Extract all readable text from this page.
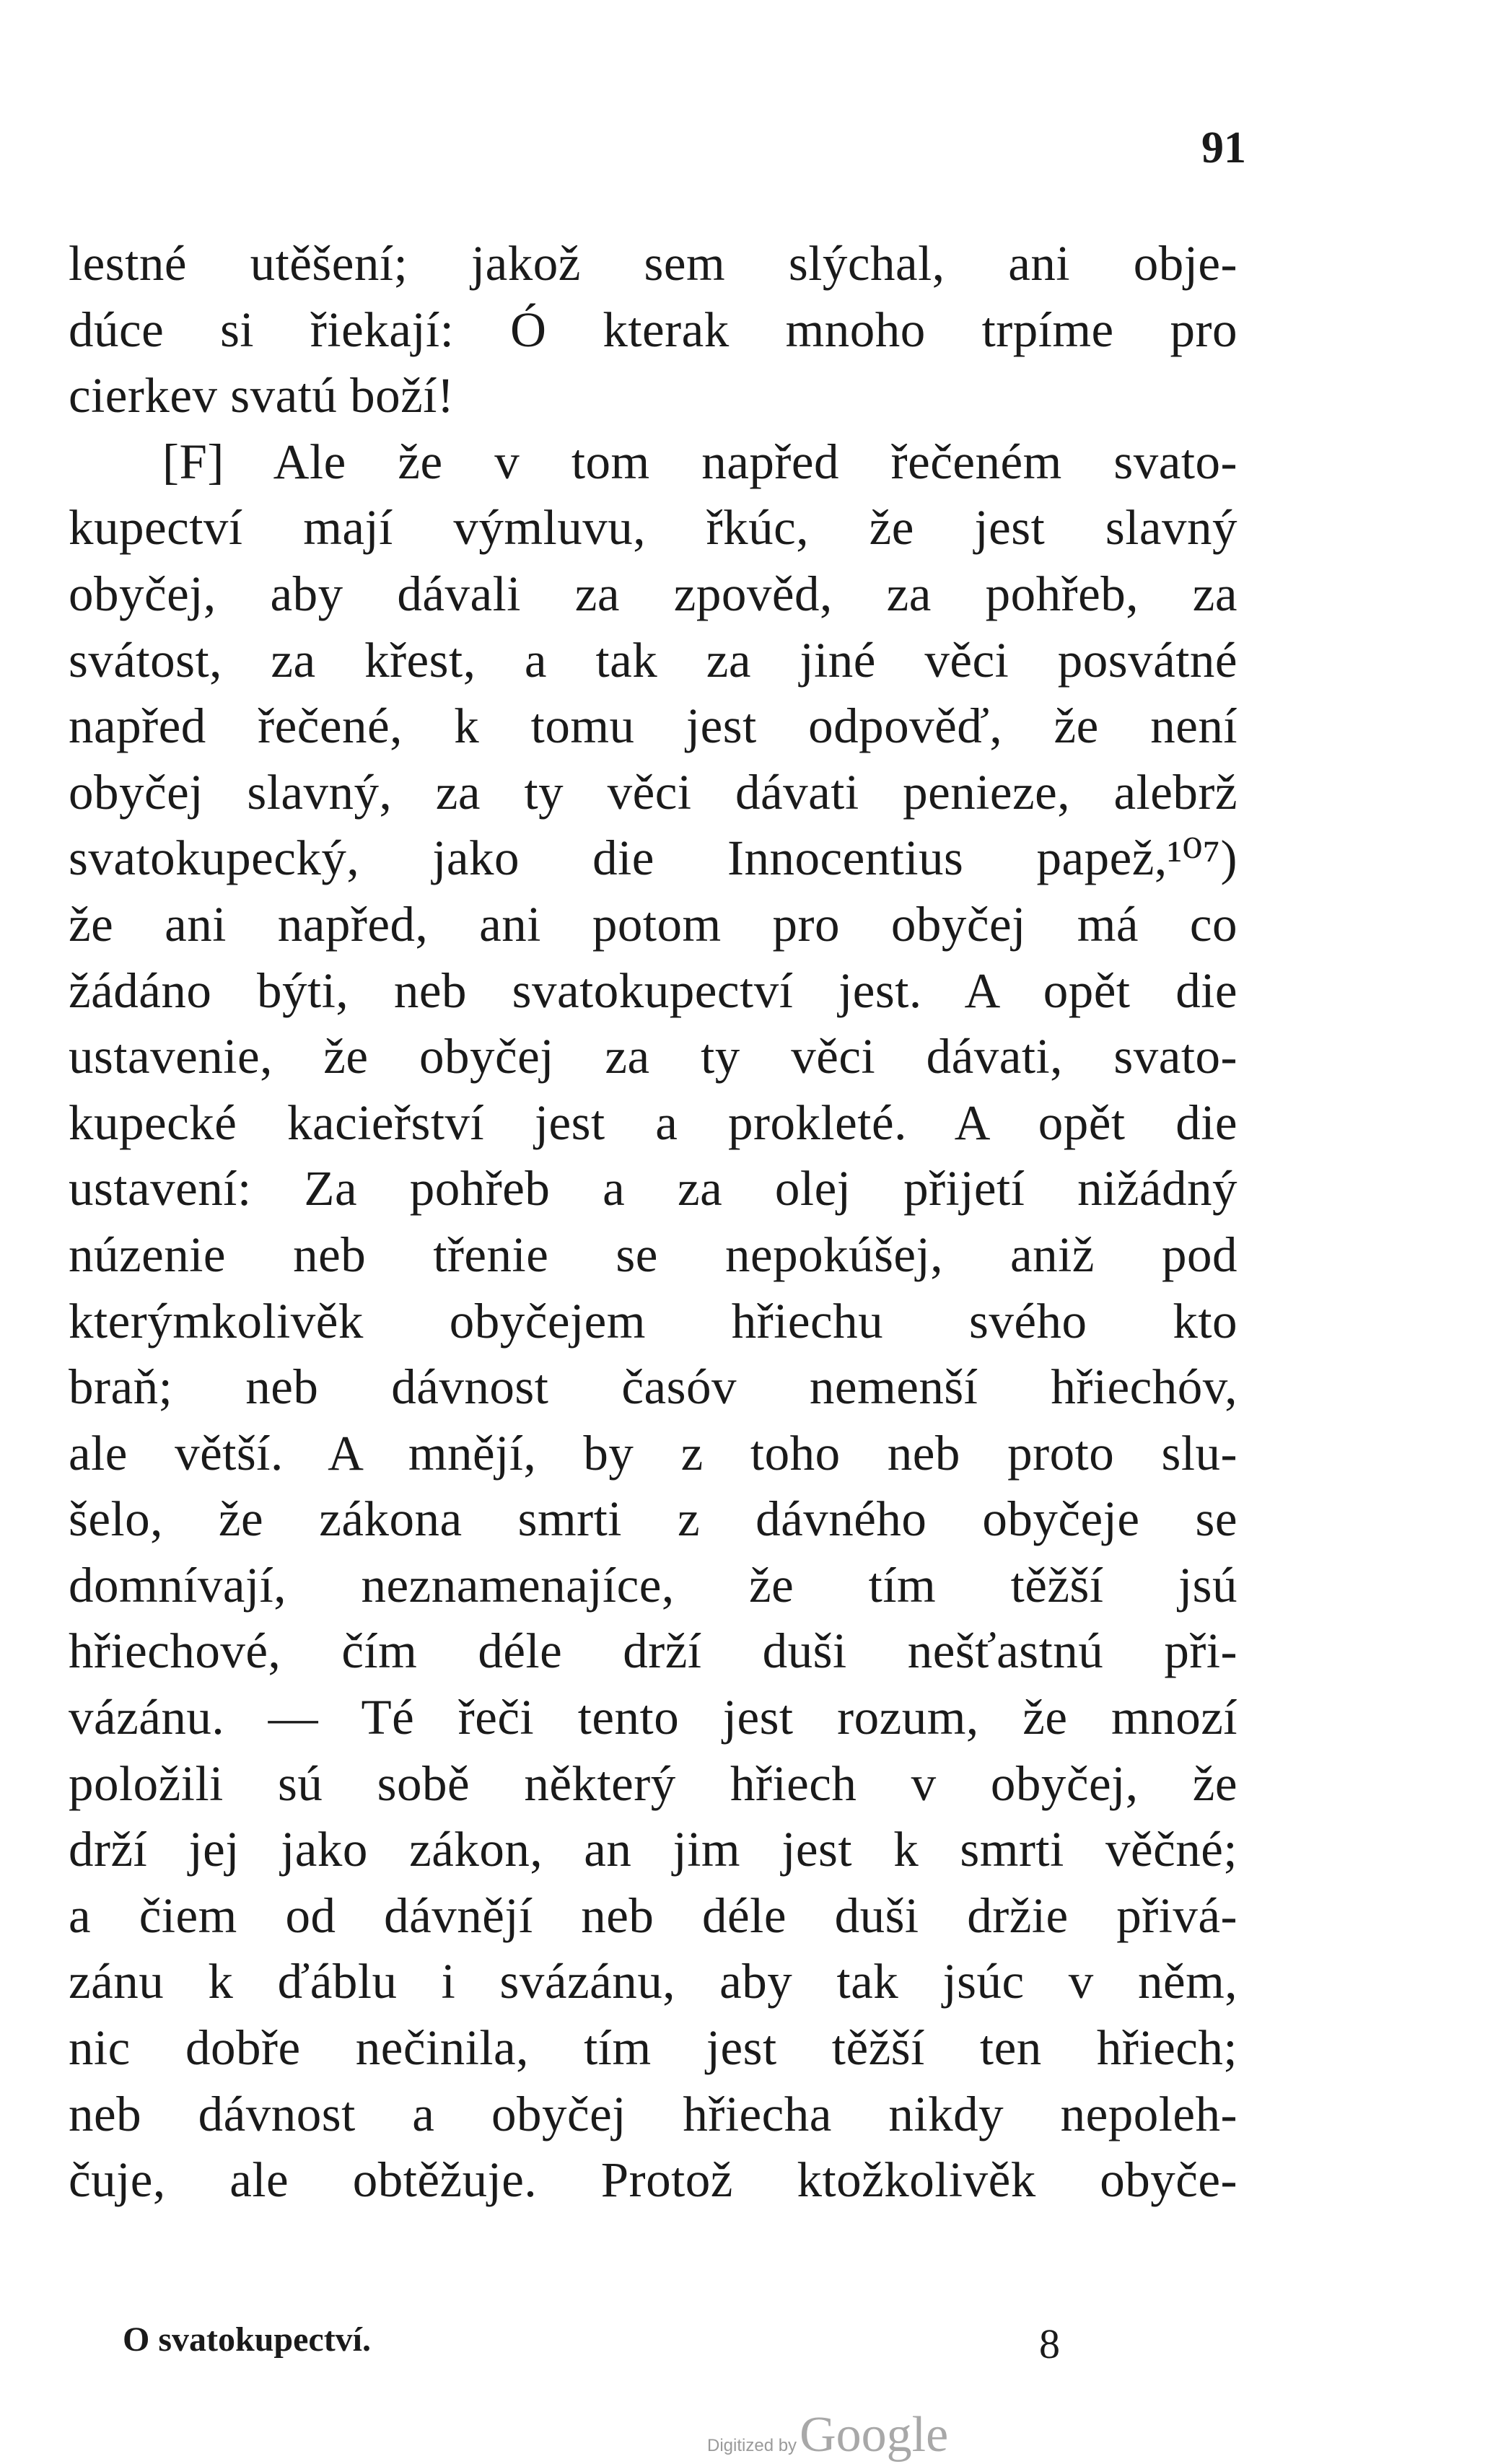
91
lestné utěšení; jakož sem slýchal, ani obje-
dúce si řiekají: Ó kterak mnoho trpíme pro
cierkev svatú boží!
[F] Ale že v tom napřed řečeném svato-
kupectví mají výmluvu, řkúc, že jest slavný
obyčej, aby dávali za zpověd, za pohřeb, za
svátost, za křest, a tak za jiné věci posvátné
napřed řečené, k tomu jest odpověď, že není
obyčej slavný, za ty věci dávati penieze, alebrž
svatokupecký, jako die Innocentius papež,¹⁰⁷)
že ani napřed, ani potom pro obyčej má co
žádáno býti, neb svatokupectví jest. A opět die
ustavenie, že obyčej za ty věci dávati, svato-
kupecké kacieřství jest a prokleté. A opět die
ustavení: Za pohřeb a za olej přijetí nižádný
núzenie neb třenie se nepokúšej, aniž pod
kterýmkolivěk obyčejem hřiechu svého kto
braň; neb dávnost časóv nemenší hřiechóv,
ale větší. A mnějí, by z toho neb proto slu-
šelo, že zákona smrti z dávného obyčeje se
domnívají, neznamenajíce, že tím těžší jsú
hřiechové, čím déle drží duši nešťastnú při-
vázánu. — Té řeči tento jest rozum, že mnozí
položili sú sobě některý hřiech v obyčej, že
drží jej jako zákon, an jim jest k smrti věčné;
a čiem od dávnějí neb déle duši držie přivá-
zánu k ďáblu i svázánu, aby tak jsúc v něm,
nic dobře nečinila, tím jest těžší ten hřiech;
neb dávnost a obyčej hřiecha nikdy nepoleh-
čuje, ale obtěžuje. Protož ktožkolivěk obyče-
O svatokupectví.	8
Digitized byGoogle
